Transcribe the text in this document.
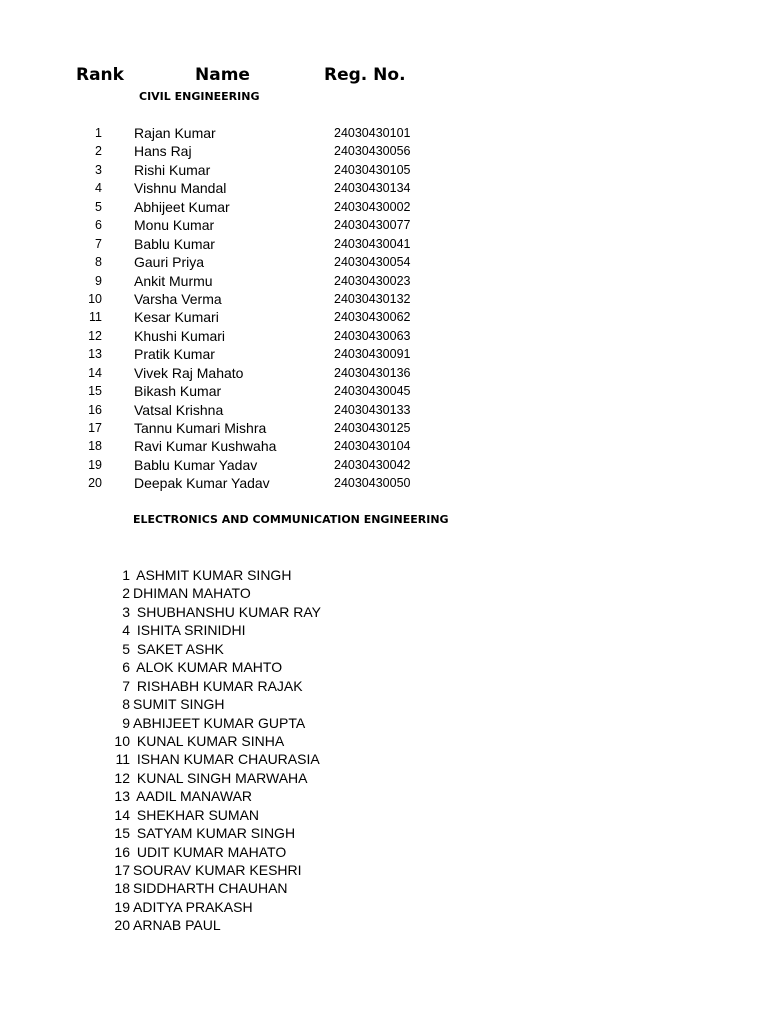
Rank	Name	Reg. No.
CIVIL ENGINEERING
1 Rajan Kumar	24030430101
2 Hans Raj	24030430056
3 Rishi Kumar	24030430105
4 Vishnu Mandal	24030430134
5 Abhijeet Kumar	24030430002
6 Monu Kumar	24030430077
7 Bablu Kumar	24030430041
8 Gauri Priya	24030430054
9 Ankit Murmu	24030430023
10 Varsha Verma	24030430132
11 Kesar Kumari	24030430062
12 Khushi Kumari	24030430063
13 Pratik Kumar	24030430091
14 Vivek Raj Mahato	24030430136
15 Bikash Kumar	24030430045
16 Vatsal Krishna	24030430133
17 Tannu Kumari Mishra	24030430125
18 Ravi Kumar Kushwaha	24030430104
19 Bablu Kumar Yadav	24030430042
20 Deepak Kumar Yadav	24030430050
ELECTRONICS AND COMMUNICATION ENGINEERING
1 ASHMIT KUMAR SINGH
2 DHIMAN MAHATO
3 SHUBHANSHU KUMAR RAY
4 ISHITA SRINIDHI
5 SAKET ASHK
6 ALOK KUMAR MAHTO
7 RISHABH KUMAR RAJAK
8 SUMIT SINGH
9 ABHIJEET KUMAR GUPTA
10 KUNAL KUMAR SINHA
11 ISHAN KUMAR CHAURASIA
12 KUNAL SINGH MARWAHA
13 AADIL MANAWAR
14 SHEKHAR SUMAN
15 SATYAM KUMAR SINGH
16 UDIT KUMAR MAHATO
17 SOURAV KUMAR KESHRI
18 SIDDHARTH CHAUHAN
19 ADITYA PRAKASH
20 ARNAB PAUL
